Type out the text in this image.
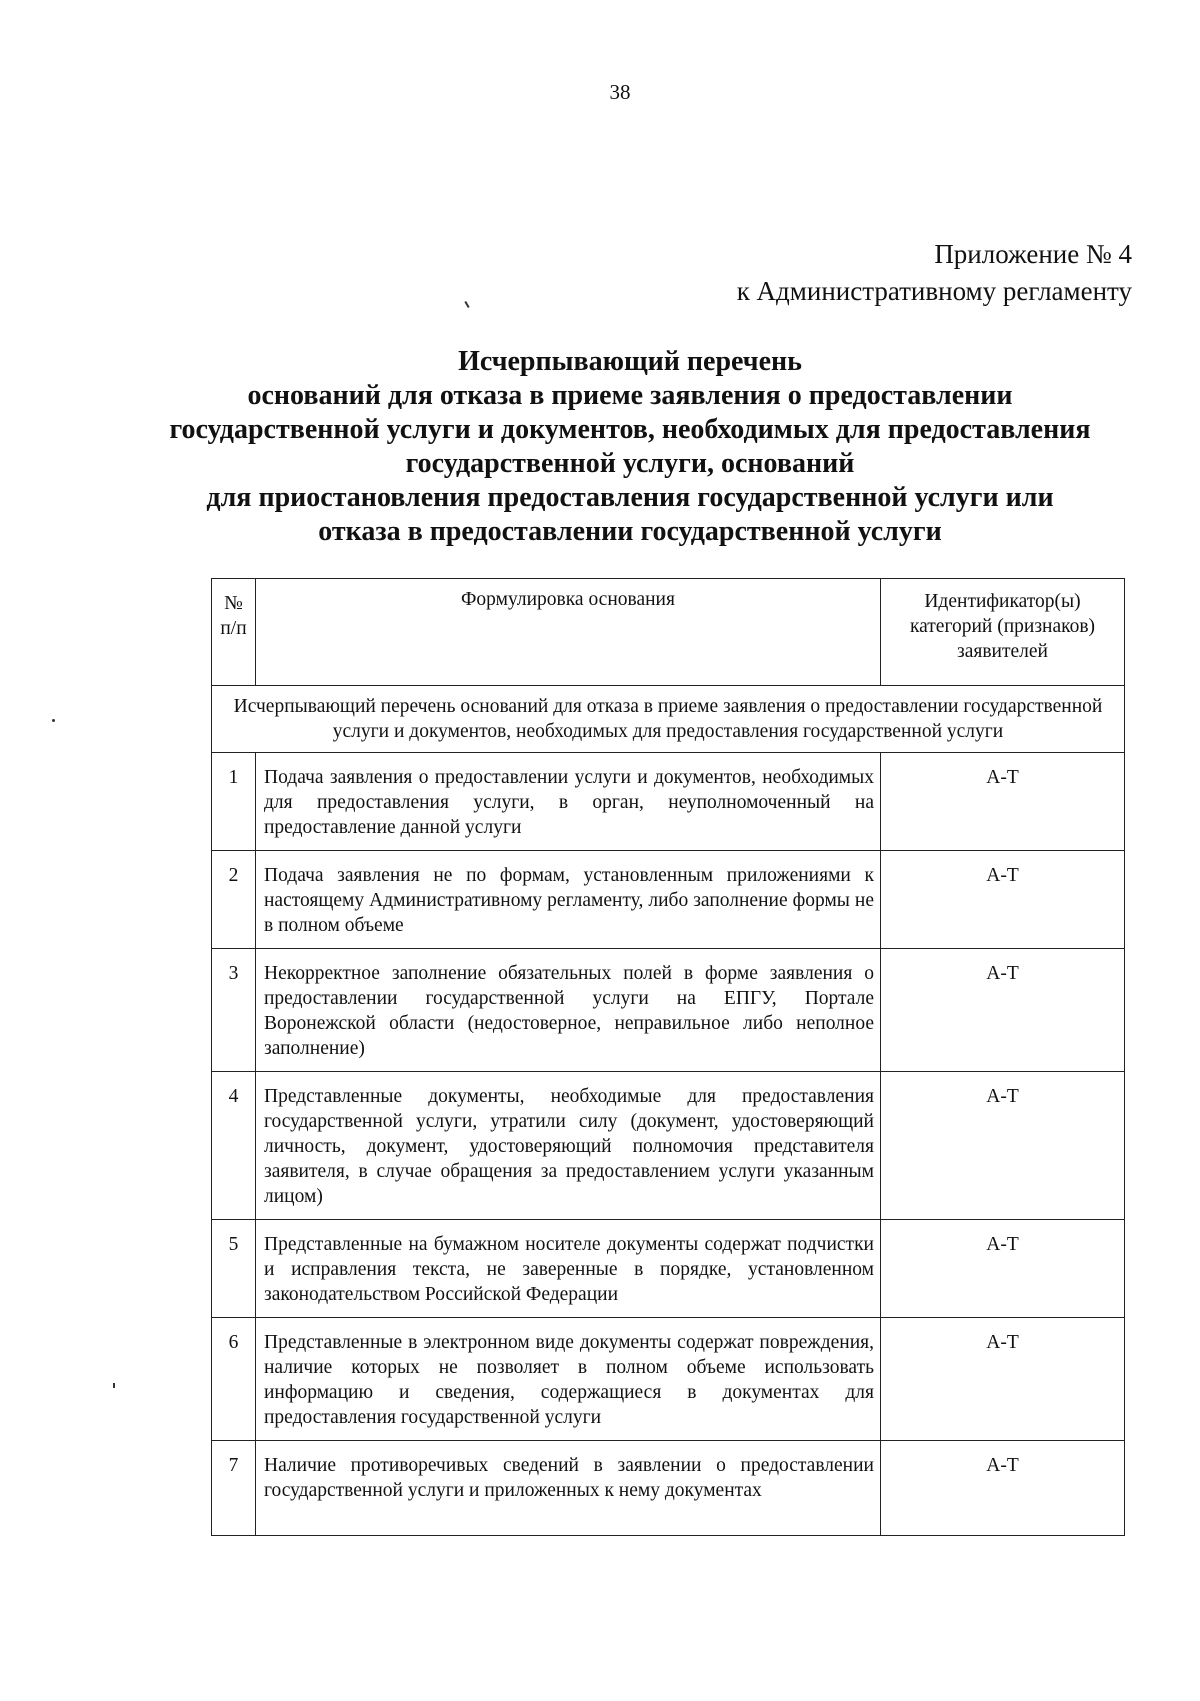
38
Приложение № 4
к Административному регламенту
Исчерпывающий перечень
оснований для отказа в приеме заявления о предоставлении
государственной услуги и документов, необходимых для предоставления
государственной услуги, оснований
для приостановления предоставления государственной услуги или
отказа в предоставлении государственной услуги
№ п/п	Формулировка основания	Идентификатор(ы) категорий (признаков) заявителей
Исчерпывающий перечень оснований для отказа в приеме заявления о предоставлении государственной услуги и документов, необходимых для предоставления государственной услуги		
1	Подача заявления о предоставлении услуги и документов, необходимых для предоставления услуги, в орган, неуполномоченный на предоставление данной услуги	А-Т
2	Подача заявления не по формам, установленным приложениями к настоящему Административному регламенту, либо заполнение формы не в полном объеме	А-Т
3	Некорректное заполнение обязательных полей в форме заявления о предоставлении государственной услуги на ЕПГУ, Портале Воронежской области (недостоверное, неправильное либо неполное заполнение)	А-Т
4	Представленные документы, необходимые для предоставления государственной услуги, утратили силу (документ, удостоверяющий личность, документ, удостоверяющий полномочия представителя заявителя, в случае обращения за предоставлением услуги указанным лицом)	А-Т
5	Представленные на бумажном носителе документы содержат подчистки и исправления текста, не заверенные в порядке, установленном законодательством Российской Федерации	А-Т
6	Представленные в электронном виде документы содержат повреждения, наличие которых не позволяет в полном объеме использовать информацию и сведения, содержащиеся в документах для предоставления государственной услуги	А-Т
7	Наличие противоречивых сведений в заявлении о предоставлении государственной услуги и приложенных к нему документах	А-Т
